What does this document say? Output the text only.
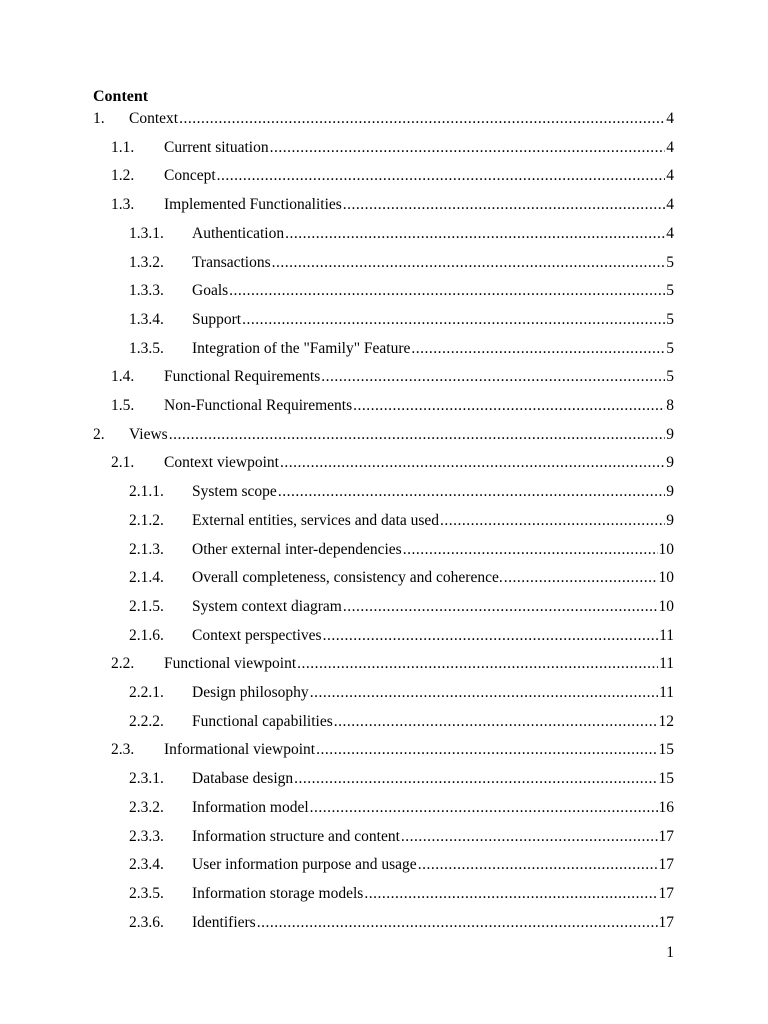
Content
1. Context .....	4
1.1. Current situation .....	4
1.2. Concept .....	4
1.3. Implemented Functionalities .....	4
1.3.1. Authentication .....	4
1.3.2. Transactions .....	5
1.3.3. Goals .....	5
1.3.4. Support .....	5
1.3.5. Integration of the "Family" Feature .....	5
1.4. Functional Requirements .....	5
1.5. Non-Functional Requirements .....	8
2. Views .....	9
2.1. Context viewpoint .....	9
2.1.1. System scope .....	9
2.1.2. External entities, services and data used .....	9
2.1.3. Other external inter-dependencies .....	10
2.1.4. Overall completeness, consistency and coherence. .....	10
2.1.5. System context diagram .....	10
2.1.6. Context perspectives .....	11
2.2. Functional viewpoint .....	11
2.2.1. Design philosophy .....	11
2.2.2. Functional capabilities .....	12
2.3. Informational viewpoint .....	15
2.3.1. Database design .....	15
2.3.2. Information model .....	16
2.3.3. Information structure and content .....	17
2.3.4. User information purpose and usage .....	17
2.3.5. Information storage models .....	17
2.3.6. Identifiers .....	17
1
